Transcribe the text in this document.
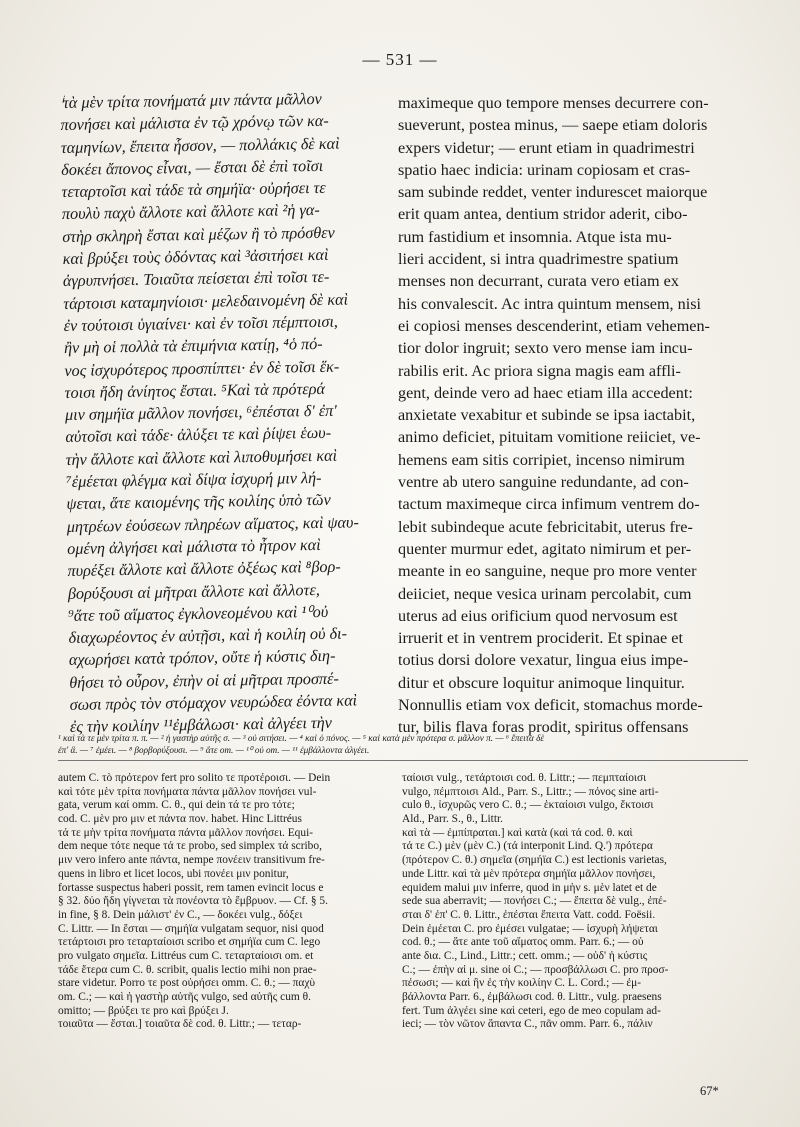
— 531 —
ⁱτὰ μὲν τρίτα πονήματά μιν πάντα μᾶλλον
πονήσει καὶ μάλιστα ἐν τῷ χρόνῳ τῶν κα-
ταμηνίων, ἔπειτα ἧσσον, — πολλάκις δὲ καὶ
δοκέει ἄπονος εἶναι, — ἔσται δὲ ἐπὶ τοῖσι
τεταρτοῖσι καὶ τάδε τὰ σημήϊα· οὐρήσει τε
πουλὺ παχὺ ἄλλοτε καὶ ἄλλοτε καὶ ²ἡ γα-
στὴρ σκληρὴ ἔσται καὶ μέζων ἢ τὸ πρόσθεν
καὶ βρύξει τοὺς ὀδόντας καὶ ³ἀσιτήσει καὶ
ἀγρυπνήσει. Τοιαῦτα πείσεται ἐπὶ τοῖσι τε-
τάρτοισι καταμηνίοισι· μελεδαινομένη δὲ καὶ
ἐν τούτοισι ὑγιαίνει· καὶ ἐν τοῖσι πέμπτοισι,
ἢν μὴ οἱ πολλὰ τὰ ἐπιμήνια κατίῃ, ⁴ὁ πό-
νος ἰσχυρότερος προσπίπτει· ἐν δὲ τοῖσι ἕκ-
τοισι ἤδη ἀνίητος ἔσται. ⁵Καὶ τὰ πρότερά
μιν σημήϊα μᾶλλον πονήσει, ⁶ἐπέσται δ' ἐπ'
αὐτοῖσι καὶ τάδε· ἀλύξει τε καὶ ῥίψει ἑωυ-
τὴν ἄλλοτε καὶ ἄλλοτε καὶ λιποθυμήσει καὶ
⁷ἐμέεται φλέγμα καὶ δίψα ἰσχυρή μιν λή-
ψεται, ἅτε καιομένης τῆς κοιλίης ὑπὸ τῶν
μητρέων ἐούσεων πληρέων αἵματος, καὶ ψαυ-
ομένη ἀλγήσει καὶ μάλιστα τὸ ἦτρον καὶ
πυρέξει ἄλλοτε καὶ ἄλλοτε ὀξέως καὶ ⁸βορ-
βορύξουσι αἱ μῆτραι ἄλλοτε καὶ ἄλλοτε,
⁹ἅτε τοῦ αἵματος ἐγκλονεομένου καὶ ¹⁰οὐ
διαχωρέοντος ἐν αὐτῇσι, καὶ ἡ κοιλίη οὐ δι-
αχωρήσει κατὰ τρόπον, οὔτε ἡ κύστις διη-
θήσει τὸ οὖρον, ἐπὴν οἱ αἱ μῆτραι προσπέ-
σωσι πρὸς τὸν στόμαχον νευρώδεα ἐόντα καὶ
ἐς τὴν κοιλίην ¹¹ἐμβάλωσι· καὶ ἀλγέει τὴν
maximeque quo tempore menses decurrere con-
sueverunt, postea minus, — saepe etiam doloris
expers videtur; — erunt etiam in quadrimestri
spatio haec indicia: urinam copiosam et cras-
sam subinde reddet, venter indurescet maiorque
erit quam antea, dentium stridor aderit, cibo-
rum fastidium et insomnia. Atque ista mu-
lieri accident, si intra quadrimestre spatium
menses non decurrant, curata vero etiam ex
his convalescit. Ac intra quintum mensem, nisi
ei copiosi menses descenderint, etiam vehemen-
tior dolor ingruit; sexto vero mense iam incu-
rabilis erit. Ac priora signa magis eam affli-
gent, deinde vero ad haec etiam illa accedent:
anxietate vexabitur et subinde se ipsa iactabit,
animo deficiet, pituitam vomitione reiiciet, ve-
hemens eam sitis corripiet, incenso nimirum
ventre ab utero sanguine redundante, ad con-
tactum maximeque circa infimum ventrem do-
lebit subindeque acute febricitabit, uterus fre-
quenter murmur edet, agitato nimirum et per-
meante in eo sanguine, neque pro more venter
deiiciet, neque vesica urinam percolabit, cum
uterus ad eius orificium quod nervosum est
irruerit et in ventrem prociderit. Et spinae et
totius dorsi dolore vexatur, lingua eius impe-
ditur et obscure loquitur animoque linquitur.
Nonnullis etiam vox deficit, stomachus morde-
tur, bilis flava foras prodit, spiritus offensans
¹ καὶ τὰ τε μὲν τρίτα π. π. — ² ἡ γαστὴρ αὐτῆς σ. — ³ οὐ σιτήσει. — ⁴ καὶ ὁ πόνος. — ⁵ καὶ κατὰ μὲν πρότερα σ. μᾶλλον π. — ⁶ ἔπειτα δὲ
ἐπ' ἃ. — ⁷ ἐμέει. — ⁸ βορβορύξουσι. — ⁹ ἅτε om. — ¹⁰ οὐ om. — ¹¹ ἐμβάλλοντα ἀλγέει.
autem C. τὸ πρότερον fert pro solito τε προτέροισι. — Dein
καὶ τότε μὲν τρίτα πονήματα πάντα μᾶλλον πονήσει vul-
gata, verum καί omm. C. θ., qui dein τά τε pro τότε;
cod. C. μὲν pro μιν et πάντα πον. habet. Hinc Littréus
τά τε μὴν τρίτα πονήματα πάντα μᾶλλον πονήσει. Equi-
dem neque τότε neque τά τε probo, sed simplex τά scribo,
μιν vero infero ante πάντα, nempe πονέειν transitivum fre-
quens in libro et licet locos, ubi πονέει μιν ponitur,
fortasse suspectus haberi possit, rem tamen evincit locus e
§ 32. δύο ἤδη γίγνεται τὰ πονέοντα τὸ ἔμβρυον. — Cf. § 5.
in fine, § 8. Dein μάλιστ' ἐν C., — δοκέει vulg., δόξει
C. Littr. — In ἔσται — σημήϊα vulgatam sequor, nisi quod
τετάρτοισι pro τεταρταίοισι scribo et σημήϊα cum C. lego
pro vulgato σημεῖα. Littréus cum C. τεταρταίοισι om. et
τάδε ἔτερα cum C. θ. scribit, qualis lectio mihi non prae-
stare videtur. Porro τε post οὐρήσει omm. C. θ.; — παχὺ
om. C.; — καὶ ἡ γαστὴρ αὐτῆς vulgo, sed αὐτῆς cum θ.
omitto; — βρύξει τε pro καὶ βρύξει J.
τοιαῦτα — ἔσται.] τοιαῦτα δὲ cod. θ. Littr.; — τεταρ-
ταίοισι vulg., τετάρτοισι cod. θ. Littr.; — πεμπταίοισι
vulgo, πέμπτοισι Ald., Parr. S., Littr.; — πόνος sine arti-
culo θ., ἰσχυρῶς vero C. θ.; — ἑκταίοισι vulgo, ἕκτοισι
Ald., Parr. S., θ., Littr.
καὶ τὰ — ἐμπίπραται.] καὶ κατὰ (καὶ τά cod. θ. καὶ
τά τε C.) μὲν (μὲν C.) (τά interponit Lind. Q.') πρότερα
(πρότερον C. θ.) σημεῖα (σημήϊα C.) est lectionis varietas,
unde Littr. καὶ τὰ μὲν πρότερα σημήϊα μᾶλλον πονήσει,
equidem malui μιν inferre, quod in μὴν s. μὲν latet et de
sede sua aberravit; — πονήσει C.; — ἔπειτα δὲ vulg., ἐπέ-
σται δ' ἐπ' C. θ. Littr., ἐπέσται ἔπειτα Vatt. codd. Foësii.
Dein ἐμέεται C. pro ἐμέσει vulgatae; — ἰσχυρὴ λήψεται
cod. θ.; — ἅτε ante τοῦ αἵματος omm. Parr. 6.; — οὐ
ante δια. C., Lind., Littr.; cett. omm.; — οὐδ' ἡ κύστις
C.; — ἐπὴν αἱ μ. sine οἱ C.; — προσβάλλωσι C. pro προσ-
πέσωσι; — καὶ ἢν ἐς τὴν κοιλίην C. L. Cord.; — ἐμ-
βάλλοντα Parr. 6., ἐμβάλωσι cod. θ. Littr., vulg. praesens
fert. Tum ἀλγέει sine καὶ ceteri, ego de meo copulam ad-
ieci; — τὸν νῶτον ἅπαντα C., πᾶν omm. Parr. 6., πάλιν
67*
